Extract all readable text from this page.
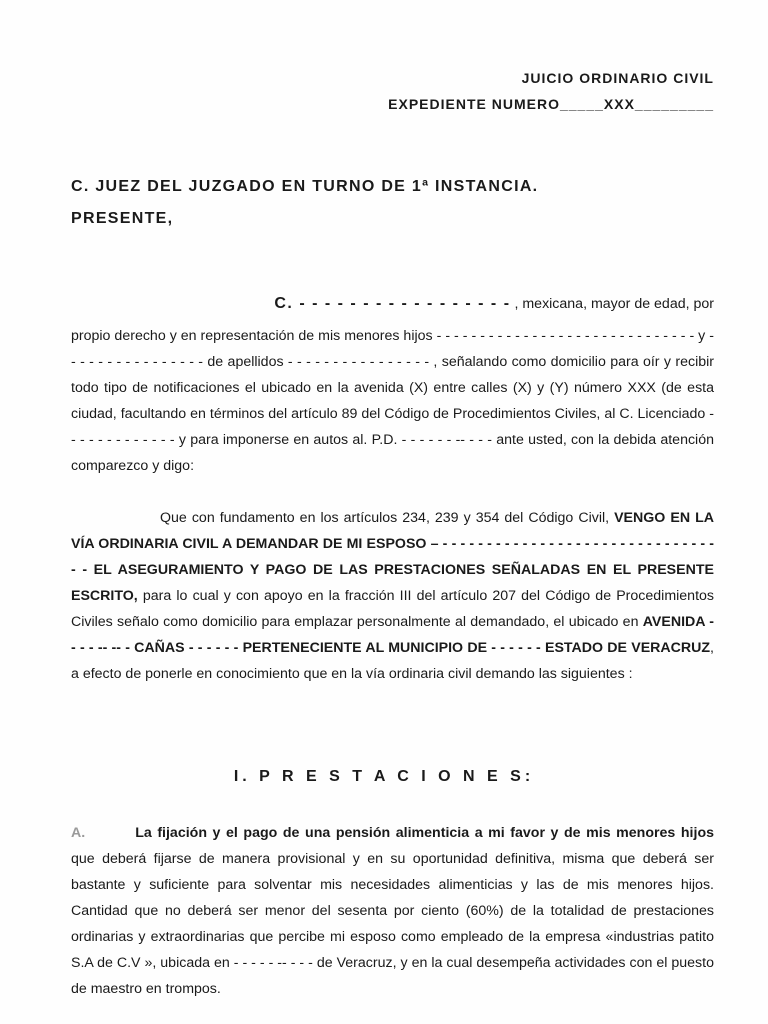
JUICIO ORDINARIO CIVIL
EXPEDIENTE NUMERO_____XXX_________
C. JUEZ DEL JUZGADO EN TURNO DE 1ª INSTANCIA.
PRESENTE,
C. - - - - - - - - - - - - - - - - - , mexicana, mayor de edad, por
propio derecho y en representación de mis menores hijos - - - - - - - - - - - - - - - - - - - - - - - - - - - - - - y - - - - - - - - - - - - - - - - de apellidos - - - - - - - - - - - - - - - - , señalando como domicilio para oír y recibir todo tipo de notificaciones el ubicado en la avenida (X) entre calles (X) y (Y) número XXX (de esta ciudad, facultando en términos del artículo 89 del Código de Procedimientos Civiles, al C. Licenciado - - - - - - - - - - - - - y para imponerse en autos al. P.D. - - - - - - -- - - - ante usted, con la debida atención comparezco y digo:
Que con fundamento en los artículos 234, 239 y 354 del Código Civil, VENGO EN LA VÍA ORDINARIA CIVIL A DEMANDAR DE MI ESPOSO – - - - - - - - - - - - - - - - - - - - - - - - - - - - - - - - - - EL ASEGURAMIENTO Y PAGO DE LAS PRESTACIONES SEÑALADAS EN EL PRESENTE ESCRITO, para lo cual y con apoyo en la fracción III del artículo 207 del Código de Procedimientos Civiles señalo como domicilio para emplazar personalmente al demandado, el ubicado en AVENIDA - - - - -- -- - CAÑAS - - - - - - PERTENECIENTE AL MUNICIPIO DE - - - - - - ESTADO DE VERACRUZ, a efecto de ponerle en conocimiento que en la vía ordinaria civil demando las siguientes :
I. P R E S T A C I O N E S:
A.	La fijación y el pago de una pensión alimenticia a mi favor y de mis menores hijos que deberá fijarse de manera provisional y en su oportunidad definitiva, misma que deberá ser bastante y suficiente para solventar mis necesidades alimenticias y las de mis menores hijos. Cantidad que no deberá ser menor del sesenta por ciento (60%) de la totalidad de prestaciones ordinarias y extraordinarias que percibe mi esposo como empleado de la empresa «industrias patito S.A de C.V », ubicada en - - - - - -- - - - de Veracruz, y en la cual desempeña actividades con el puesto de maestro en trompos.
